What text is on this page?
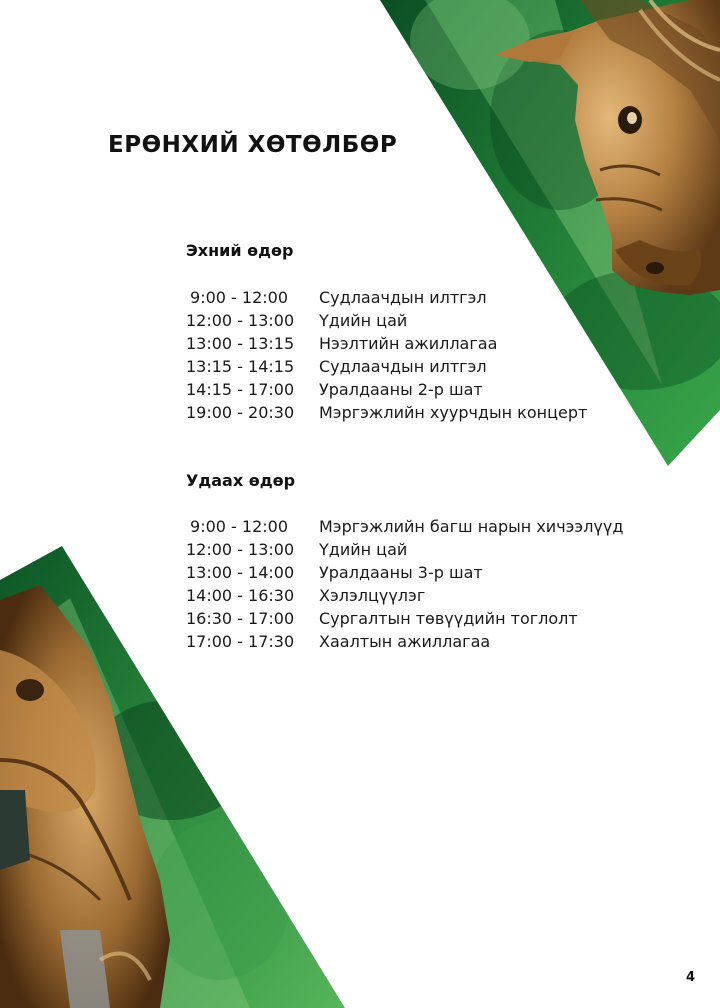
ЕРӨНХИЙ ХӨТӨЛБӨР
Эхний өдөр
9:00 - 12:00 Судлаачдын илтгэл
12:00 - 13:00 Үдийн цай
13:00 - 13:15 Нээлтийн ажиллагаа
13:15 - 14:15 Судлаачдын илтгэл
14:15 - 17:00 Уралдааны 2-р шат
19:00 - 20:30 Мэргэжлийн хуурчдын концерт
Удаах өдөр
9:00 - 12:00 Мэргэжлийн багш нарын хичээлүүд
12:00 - 13:00 Үдийн цай
13:00 - 14:00 Уралдааны 3-р шат
14:00 - 16:30 Хэлэлцүүлэг
16:30 - 17:00 Сургалтын төвүүдийн тоглолт
17:00 - 17:30 Хаалтын ажиллагаа
4
